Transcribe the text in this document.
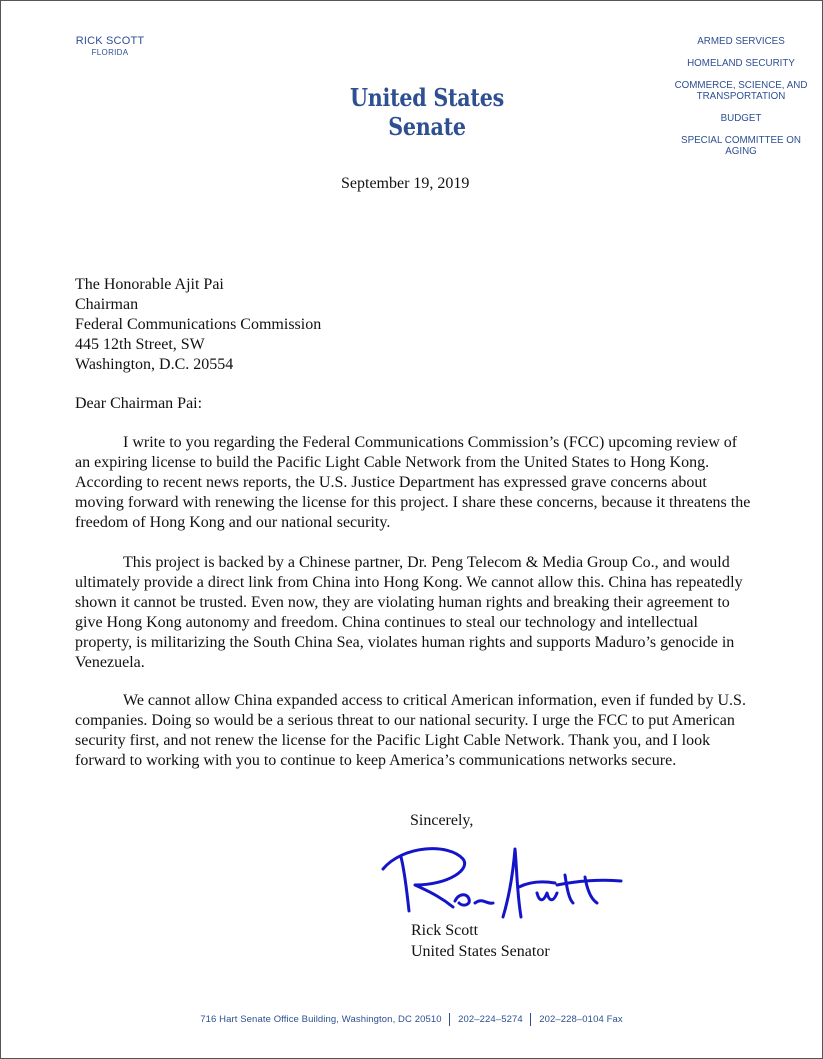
RICK SCOTT
FLORIDA
United States Senate
ARMED SERVICES
HOMELAND SECURITY
COMMERCE, SCIENCE, AND TRANSPORTATION
BUDGET
SPECIAL COMMITTEE ON AGING
September 19, 2019
The Honorable Ajit Pai
Chairman
Federal Communications Commission
445 12th Street, SW
Washington, D.C. 20554
Dear Chairman Pai:
I write to you regarding the Federal Communications Commission’s (FCC) upcoming review of an expiring license to build the Pacific Light Cable Network from the United States to Hong Kong. According to recent news reports, the U.S. Justice Department has expressed grave concerns about moving forward with renewing the license for this project. I share these concerns, because it threatens the freedom of Hong Kong and our national security.
This project is backed by a Chinese partner, Dr. Peng Telecom & Media Group Co., and would ultimately provide a direct link from China into Hong Kong. We cannot allow this. China has repeatedly shown it cannot be trusted. Even now, they are violating human rights and breaking their agreement to give Hong Kong autonomy and freedom. China continues to steal our technology and intellectual property, is militarizing the South China Sea, violates human rights and supports Maduro’s genocide in Venezuela.
We cannot allow China expanded access to critical American information, even if funded by U.S. companies. Doing so would be a serious threat to our national security. I urge the FCC to put American security first, and not renew the license for the Pacific Light Cable Network. Thank you, and I look forward to working with you to continue to keep America’s communications networks secure.
Sincerely,
Rick Scott
United States Senator
716 Hart Senate Office Building, Washington, DC 20510 202–224–5274 202–228–0104 Fax
